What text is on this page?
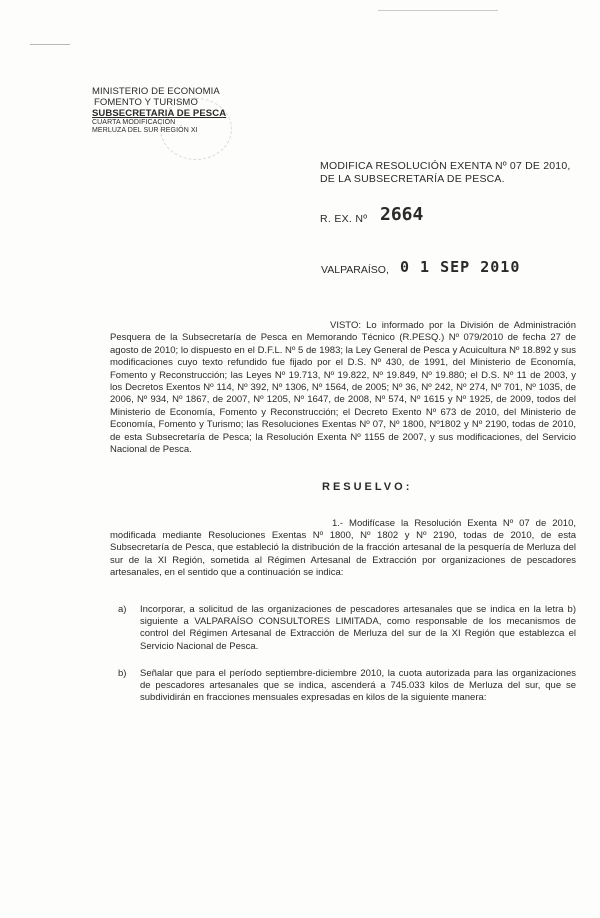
MINISTERIO DE ECONOMIA
FOMENTO Y TURISMO
SUBSECRETARIA DE PESCA
CUARTA MODIFICACIÓN
MERLUZA DEL SUR REGIÓN XI
MODIFICA RESOLUCIÓN EXENTA Nº 07 DE 2010, DE LA SUBSECRETARÍA DE PESCA.
R. EX. Nº 2664
VALPARAÍSO, 0 1 SEP 2010
VISTO: Lo informado por la División de Administración Pesquera de la Subsecretaría de Pesca en Memorando Técnico (R.PESQ.) Nº 079/2010 de fecha 27 de agosto de 2010; lo dispuesto en el D.F.L. Nº 5 de 1983; la Ley General de Pesca y Acuicultura Nº 18.892 y sus modificaciones cuyo texto refundido fue fijado por el D.S. Nº 430, de 1991, del Ministerio de Economía, Fomento y Reconstrucción; las Leyes Nº 19.713, Nº 19.822, Nº 19.849, Nº 19.880; el D.S. Nº 11 de 2003, y los Decretos Exentos Nº 114, Nº 392, Nº 1306, Nº 1564, de 2005; Nº 36, Nº 242, Nº 274, Nº 701, Nº 1035, de 2006, Nº 934, Nº 1867, de 2007, Nº 1205, Nº 1647, de 2008, Nº 574, Nº 1615 y Nº 1925, de 2009, todos del Ministerio de Economía, Fomento y Reconstrucción; el Decreto Exento Nº 673 de 2010, del Ministerio de Economía, Fomento y Turismo; las Resoluciones Exentas Nº 07, Nº 1800, Nº1802 y Nº 2190, todas de 2010, de esta Subsecretaría de Pesca; la Resolución Exenta Nº 1155 de 2007, y sus modificaciones, del Servicio Nacional de Pesca.
RESUELVO:
1.- Modifícase la Resolución Exenta Nº 07 de 2010, modificada mediante Resoluciones Exentas Nº 1800, Nº 1802 y Nº 2190, todas de 2010, de esta Subsecretaría de Pesca, que estableció la distribución de la fracción artesanal de la pesquería de Merluza del sur de la XI Región, sometida al Régimen Artesanal de Extracción por organizaciones de pescadores artesanales, en el sentido que a continuación se indica:
a) Incorporar, a solicitud de las organizaciones de pescadores artesanales que se indica en la letra b) siguiente a VALPARAÍSO CONSULTORES LIMITADA, como responsable de los mecanismos de control del Régimen Artesanal de Extracción de Merluza del sur de la XI Región que establezca el Servicio Nacional de Pesca.
b) Señalar que para el período septiembre-diciembre 2010, la cuota autorizada para las organizaciones de pescadores artesanales que se indica, ascenderá a 745.033 kilos de Merluza del sur, que se subdividirán en fracciones mensuales expresadas en kilos de la siguiente manera:
